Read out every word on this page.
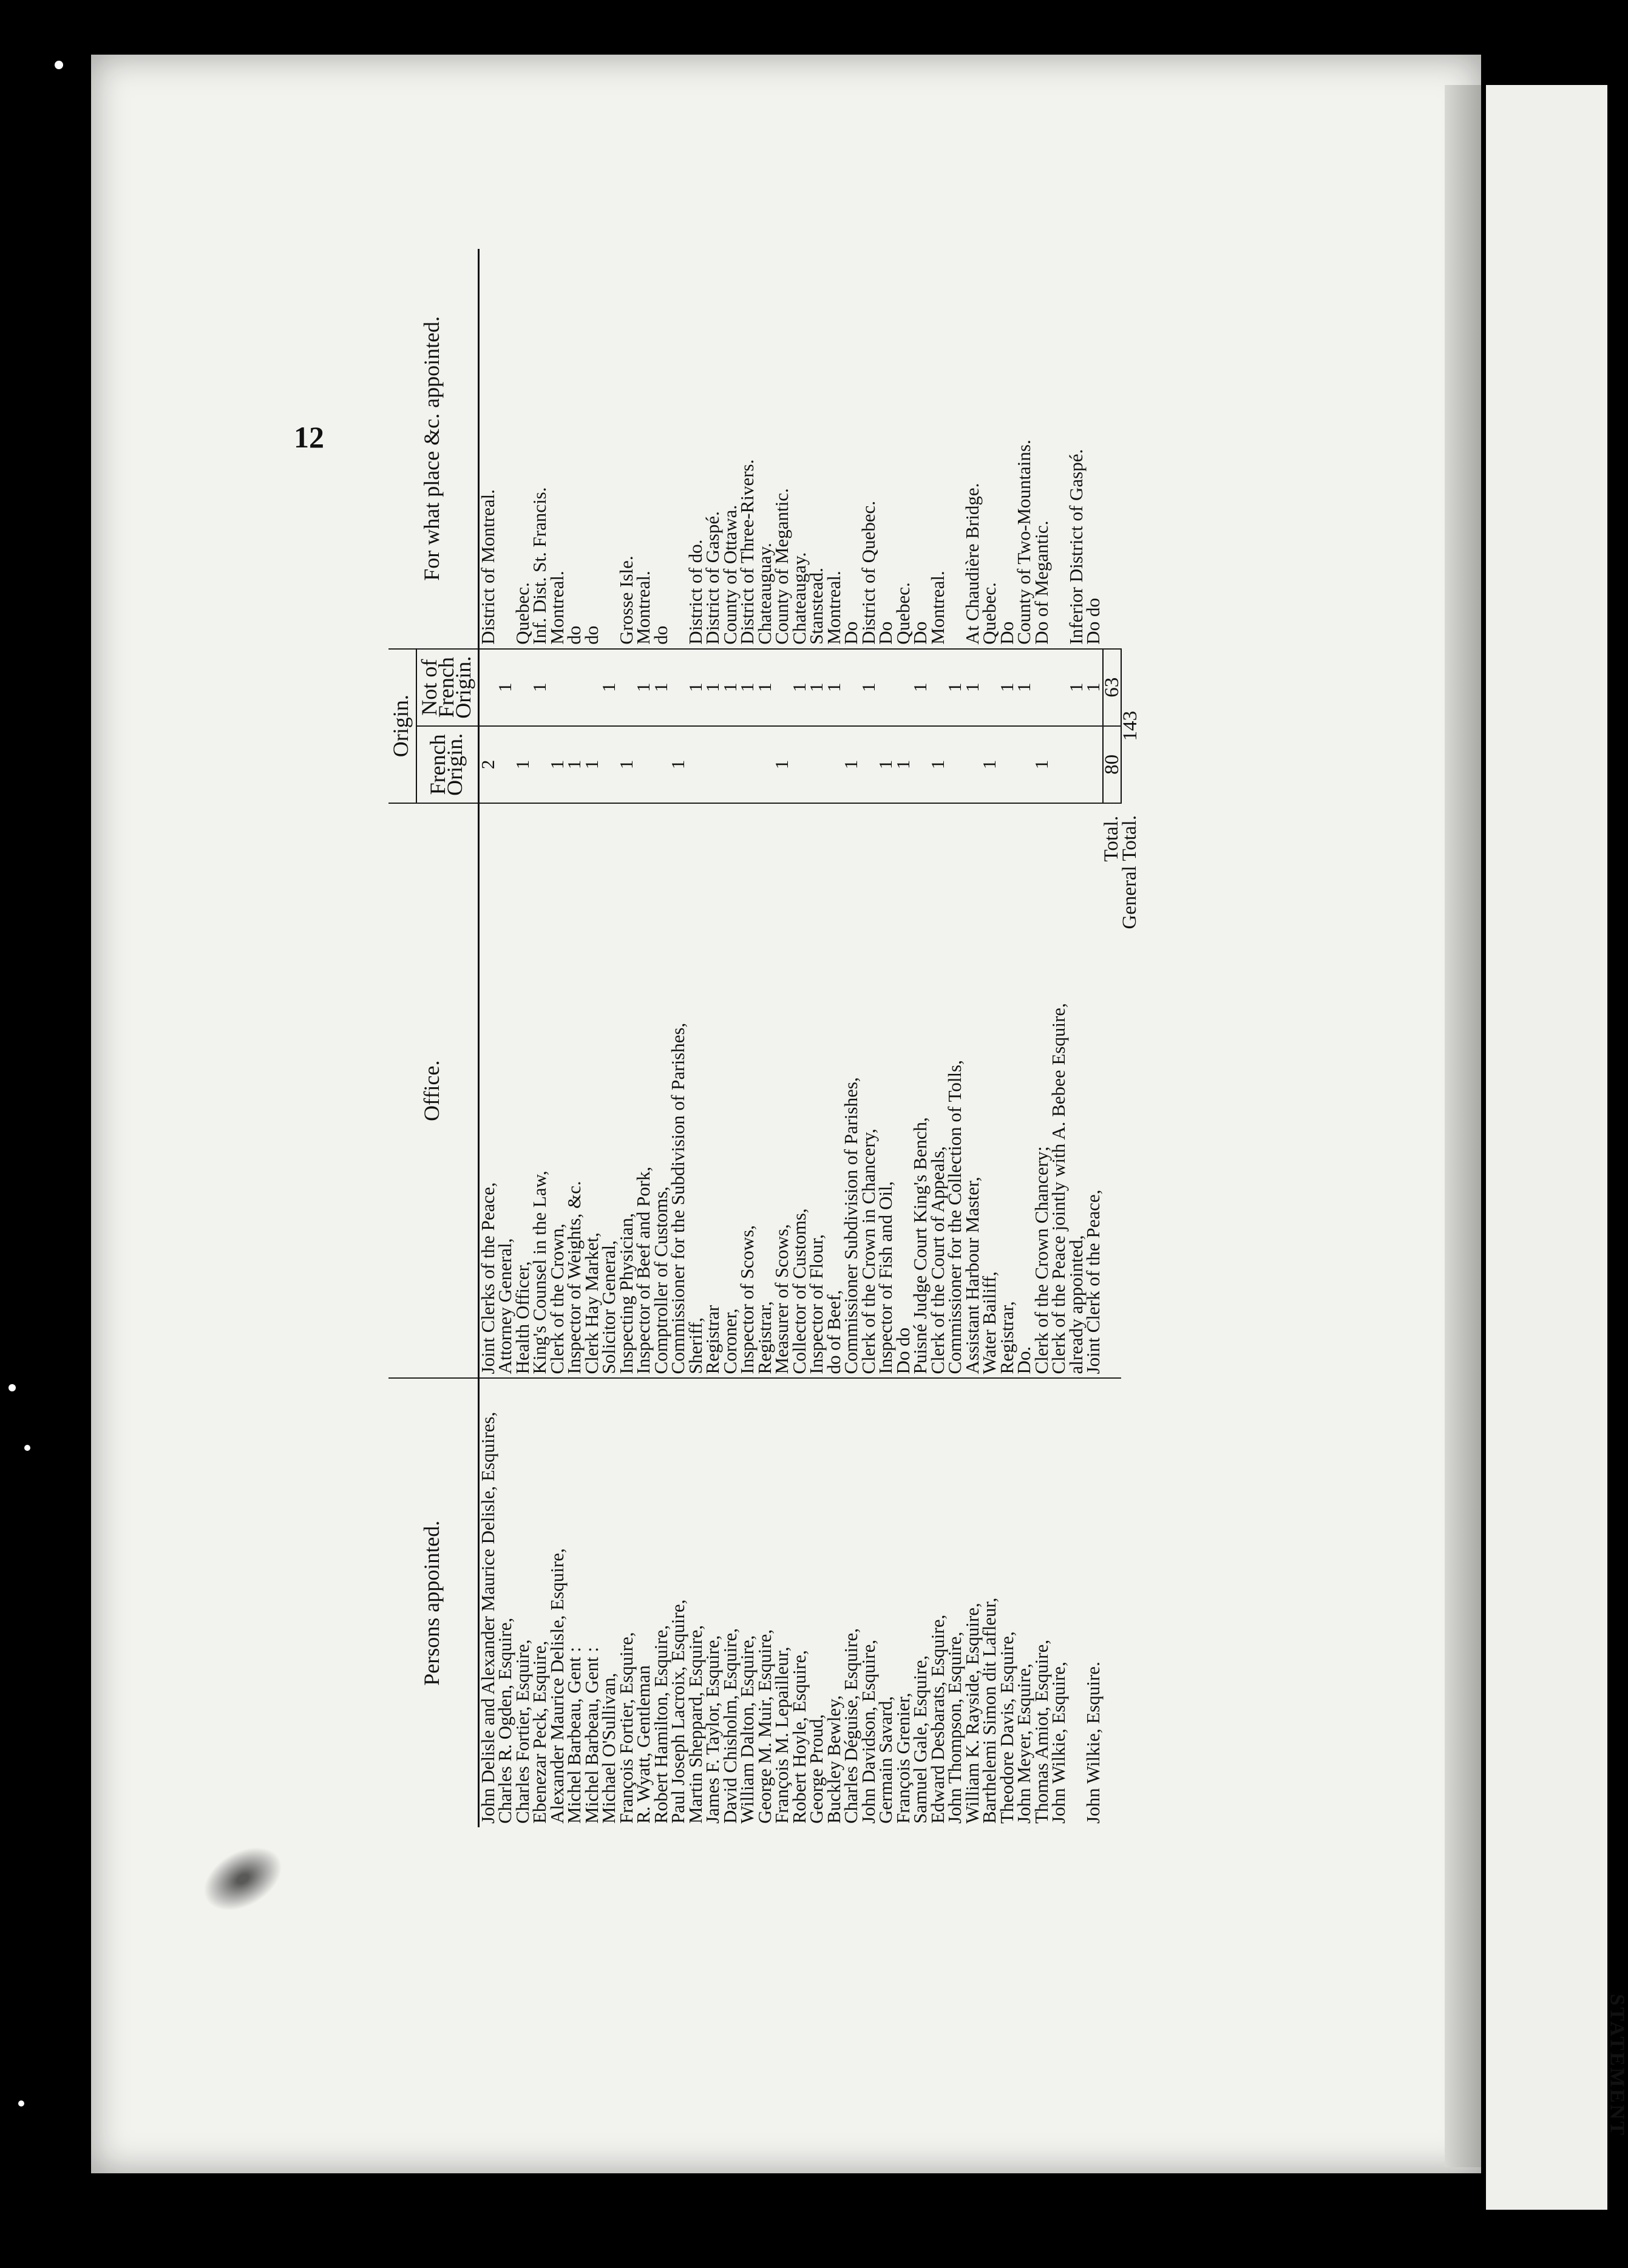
STATEMENT
12
Persons appointed.	Office.	Origin.		For what place &c. appointed.
		French Origin.	Not of French Origin.	
John Delisle and Alexander Maurice Delisle, Esquires,	Joint Clerks of the Peace,	2		District of Montreal.
Charles R. Ogden, Esquire,	Attorney General,		1	
Charles Fortier, Esquire,	Health Officer,	1		Quebec.
Ebenezar Peck, Esquire,	King's Counsel in the Law,		1	Inf. Dist. St. Francis.
Alexander Maurice Delisle, Esquire,	Clerk of the Crown,	1		Montreal.
Michel Barbeau, Gent :	Inspector of Weights, &c.	1		do
Michel Barbeau, Gent :	Clerk Hay Market,	1		do
Michael O'Sullivan,	Solicitor General,		1	
François Fortier, Esquire,	Inspecting Physician,	1		Grosse Isle.
R. Wyatt, Gentleman	Inspector of Beef and Pork,		1	Montreal.
Robert Hamilton, Esquire,	Comptroller of Customs,		1	do
Paul Joseph Lacroix, Esquire,	Commissioner for the Subdivision of Parishes,	1		
Martin Sheppard, Esquire,	Sheriff,		1	District of do.
James F. Taylor, Esquire,	Registrar		1	District of Gaspé.
David Chisholm, Esquire,	Coroner,		1	County of Ottawa.
William Dalton, Esquire,	Inspector of Scows,		1	District of Three-Rivers.
George M. Muir, Esquire,	Registrar,		1	Chateauguay.
François M. Lepailleur,	Measurer of Scows,	1		County of Megantic.
Robert Hoyle, Esquire,	Collector of Customs,		1	Chateaugay.
George Proud,	Inspector of Flour,		1	Stanstead.
Buckley Bewley,	do of Beef,		1	Montreal.
Charles Déguise, Esquire,	Commissioner Subdivision of Parishes,	1		Do
John Davidson, Esquire,	Clerk of the Crown in Chancery,		1	District of Quebec.
Germain Savard,	Inspector of Fish and Oil,	1		Do
François Grenier,	Do do	1		Quebec.
Samuel Gale, Esquire,	Puisné Judge Court King's Bench,		1	Do
Edward Desbarats, Esquire,	Clerk of the Court of Appeals,	1		Montreal.
John Thompson, Esquire,	Commissioner for the Collection of Tolls,		1	
William K. Rayside, Esquire,	Assistant Harbour Master,		1	At Chaudière Bridge.
Barthelemi Simon dit Lafleur,	Water Bailiff,	1		Quebec.
Theodore Davis, Esquire,	Registrar,		1	Do
John Meyer, Esquire,	Do.		1	County of Two-Mountains.
Thomas Amiot, Esquire,	Clerk of the Crown Chancery;	1		Do of Megantic.
John Wilkie, Esquire,	Clerk of the Peace jointly with A. Bebee Esquire,			
	already appointed,		1	Inferior District of Gaspé.
John Wilkie, Esquire.	Joint Clerk of the Peace,		1	Do do
	Total.	80	63	
	General Total.	143		
